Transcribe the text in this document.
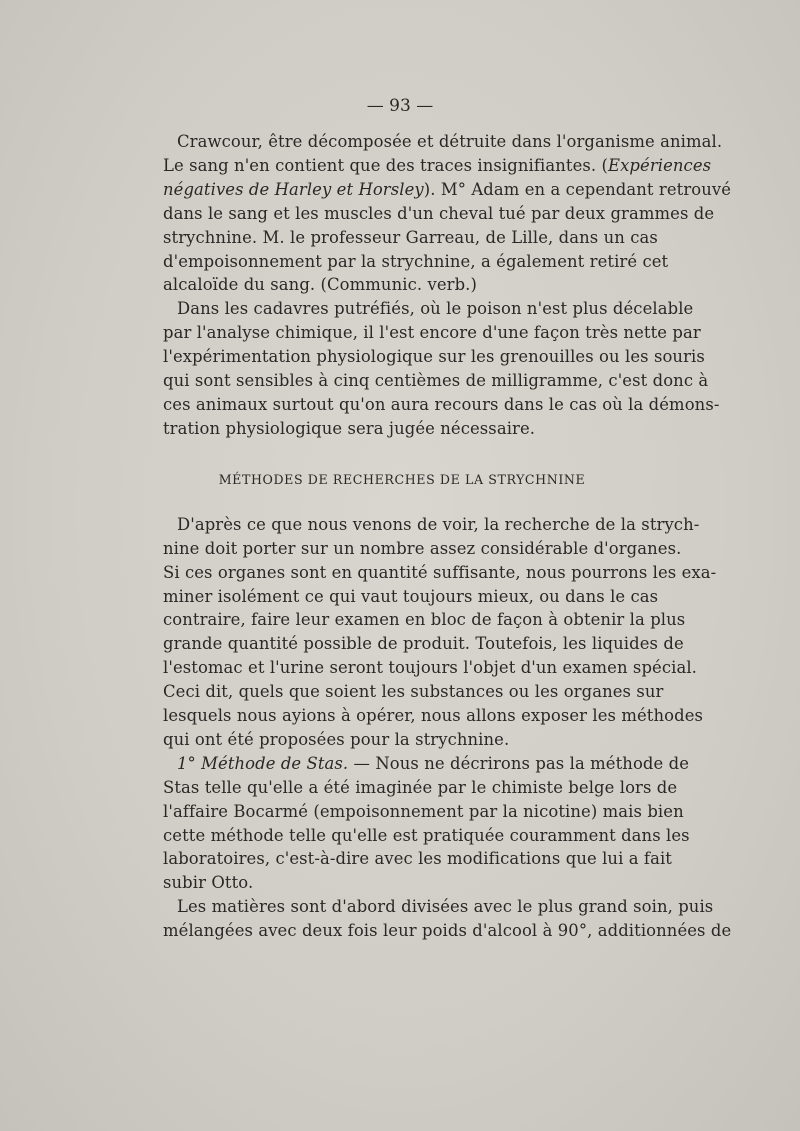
— 93 —
Crawcour, être décomposée et détruite dans l'organisme animal.
Le sang n'en contient que des traces insignifiantes. (Expériences
négatives de Harley et Horsley). M° Adam en a cependant retrouvé
dans le sang et les muscles d'un cheval tué par deux grammes de
strychnine. M. le professeur Garreau, de Lille, dans un cas
d'empoisonnement par la strychnine, a également retiré cet
alcaloïde du sang. (Communic. verb.)
Dans les cadavres putréfiés, où le poison n'est plus décelable
par l'analyse chimique, il l'est encore d'une façon très nette par
l'expérimentation physiologique sur les grenouilles ou les souris
qui sont sensibles à cinq centièmes de milligramme, c'est donc à
ces animaux surtout qu'on aura recours dans le cas où la démons-
tration physiologique sera jugée nécessaire.

MÉTHODES DE RECHERCHES DE LA STRYCHNINE

D'après ce que nous venons de voir, la recherche de la strych-
nine doit porter sur un nombre assez considérable d'organes.
Si ces organes sont en quantité suffisante, nous pourrons les exa-
miner isolément ce qui vaut toujours mieux, ou dans le cas
contraire, faire leur examen en bloc de façon à obtenir la plus
grande quantité possible de produit. Toutefois, les liquides de
l'estomac et l'urine seront toujours l'objet d'un examen spécial.
Ceci dit, quels que soient les substances ou les organes sur
lesquels nous ayions à opérer, nous allons exposer les méthodes
qui ont été proposées pour la strychnine.
1° Méthode de Stas. — Nous ne décrirons pas la méthode de
Stas telle qu'elle a été imaginée par le chimiste belge lors de
l'affaire Bocarmé (empoisonnement par la nicotine) mais bien
cette méthode telle qu'elle est pratiquée couramment dans les
laboratoires, c'est-à-dire avec les modifications que lui a fait
subir Otto.
Les matières sont d'abord divisées avec le plus grand soin, puis
mélangées avec deux fois leur poids d'alcool à 90°, additionnées de
